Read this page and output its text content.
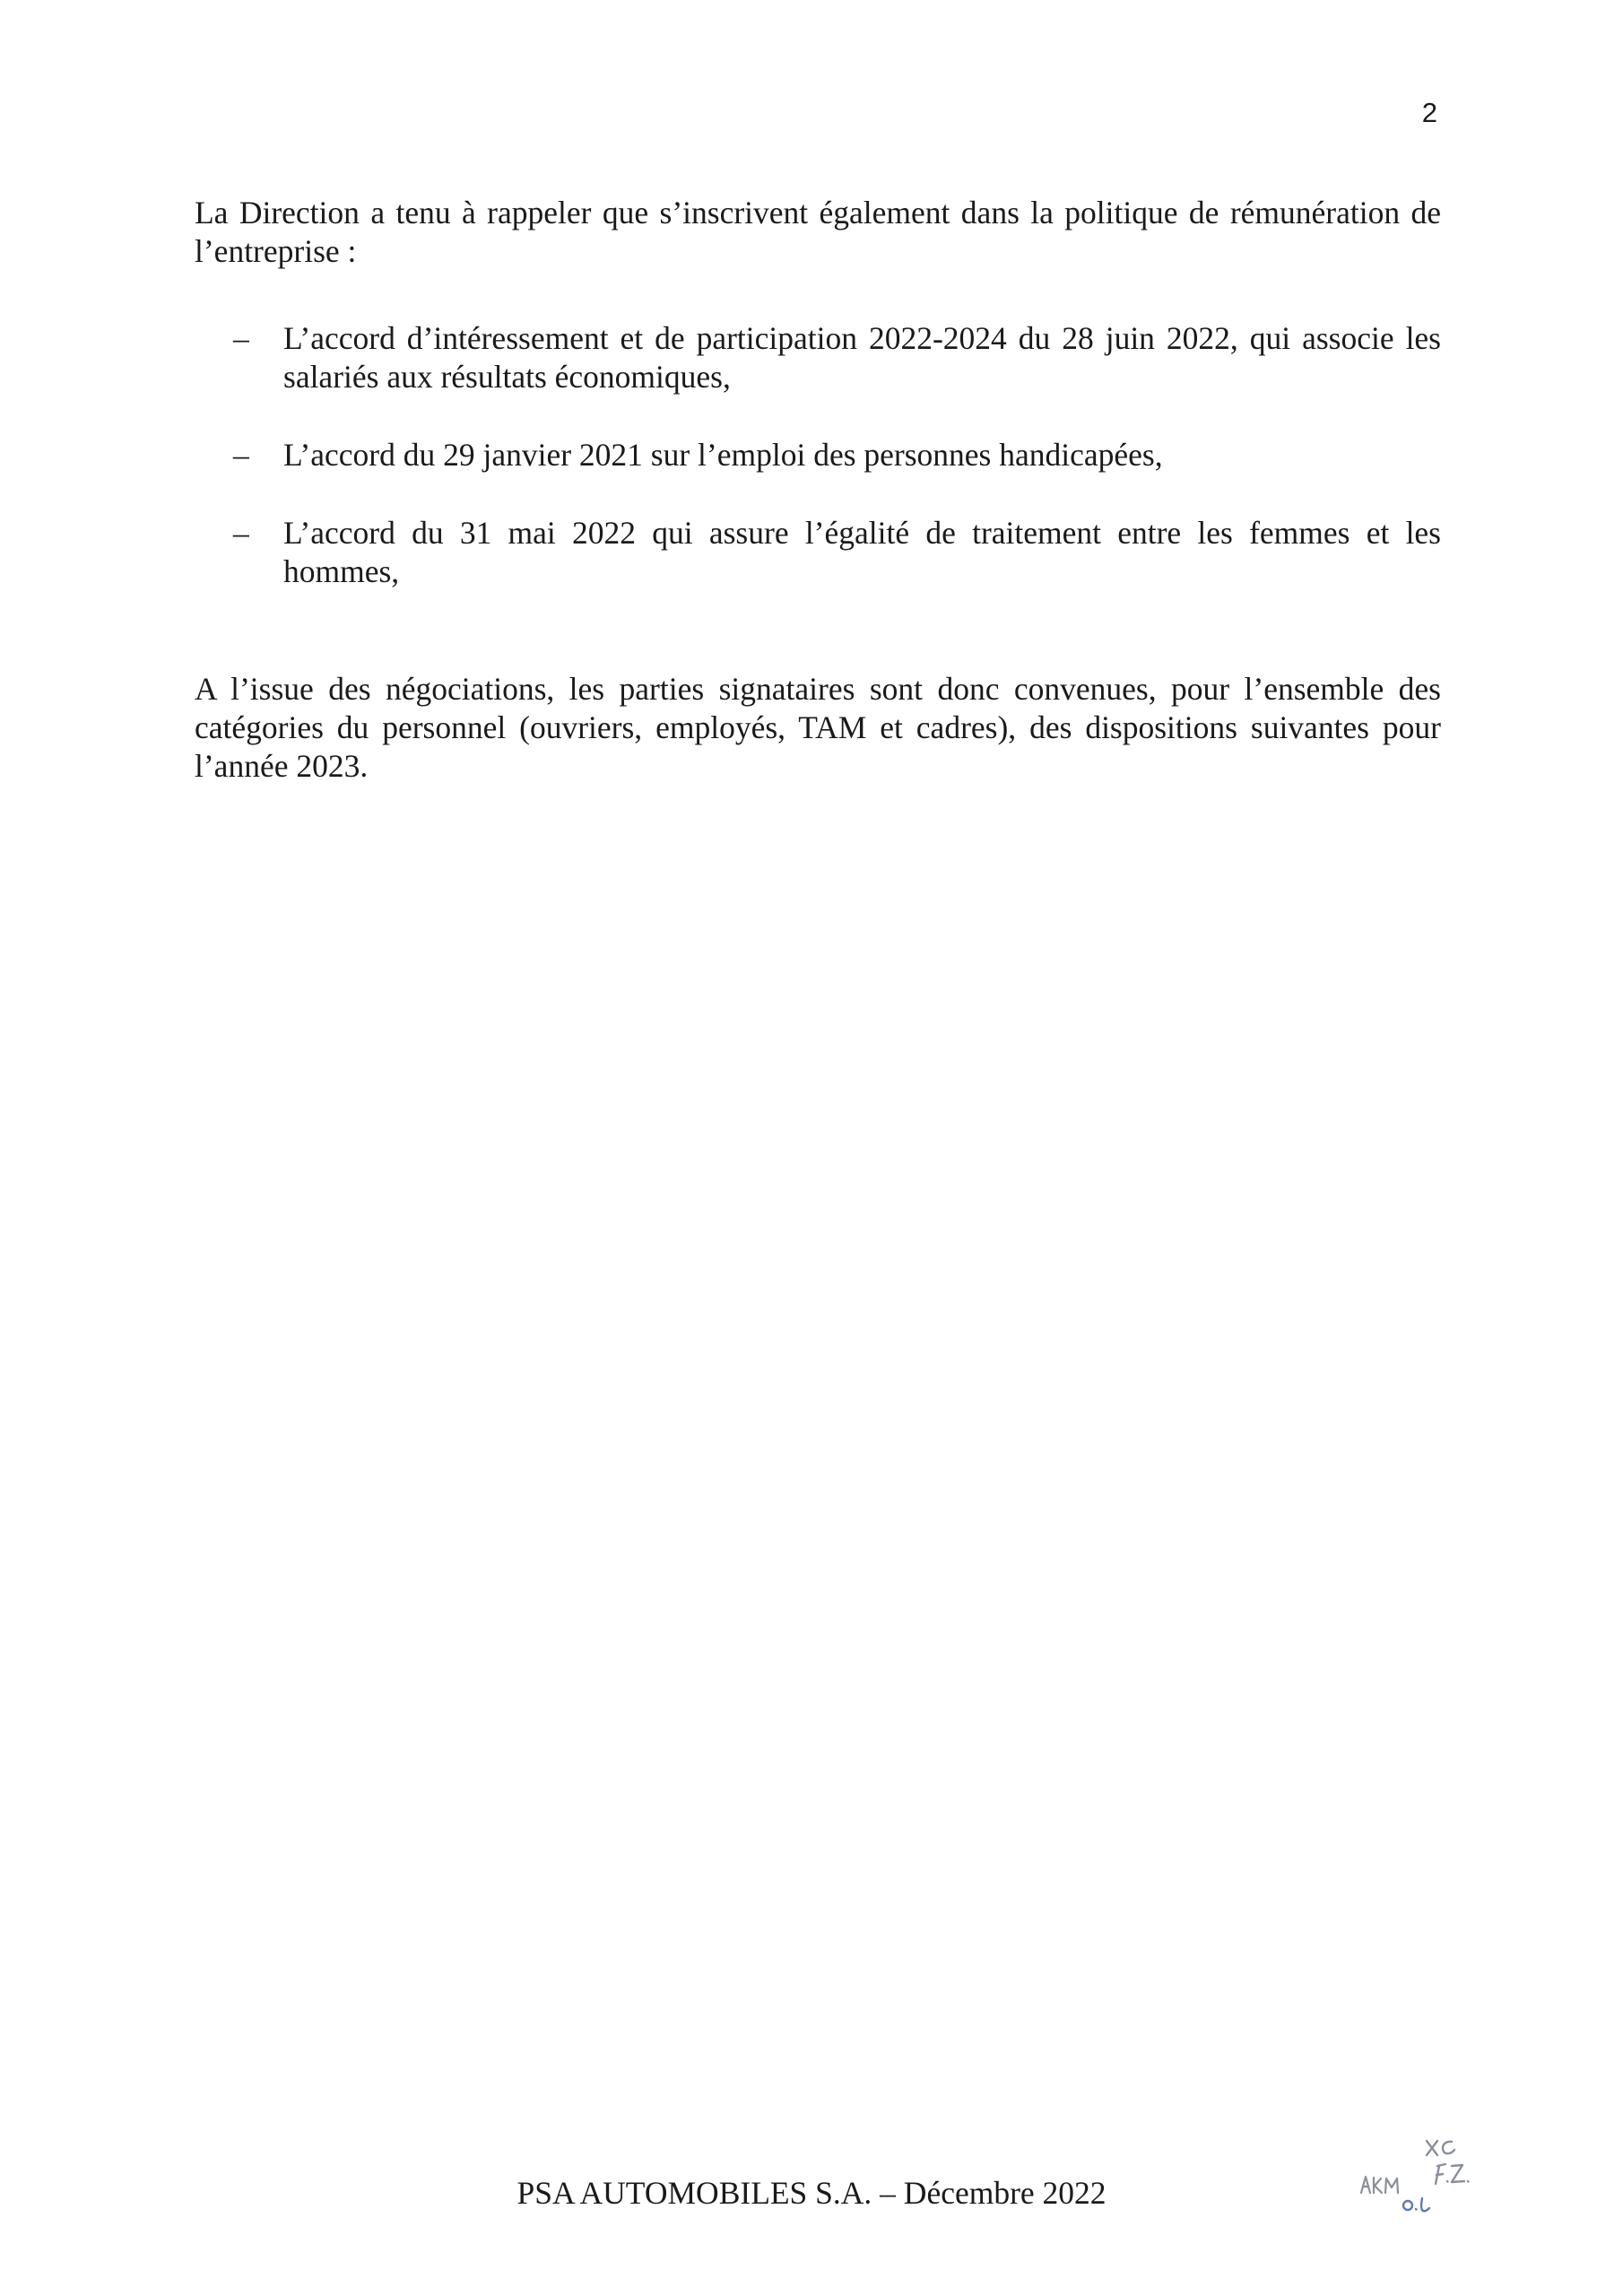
2

La Direction a tenu à rappeler que s’inscrivent également dans la politique de rémunération de l’entreprise :

– L’accord d’intéressement et de participation 2022-2024 du 28 juin 2022, qui associe les salariés aux résultats économiques,
– L’accord du 29 janvier 2021 sur l’emploi des personnes handicapées,
– L’accord du 31 mai 2022 qui assure l’égalité de traitement entre les femmes et les hommes,

A l’issue des négociations, les parties signataires sont donc convenues, pour l’ensemble des catégories du personnel (ouvriers, employés, TAM et cadres), des dispositions suivantes pour l’année 2023.

PSA AUTOMOBILES S.A. – Décembre 2022
